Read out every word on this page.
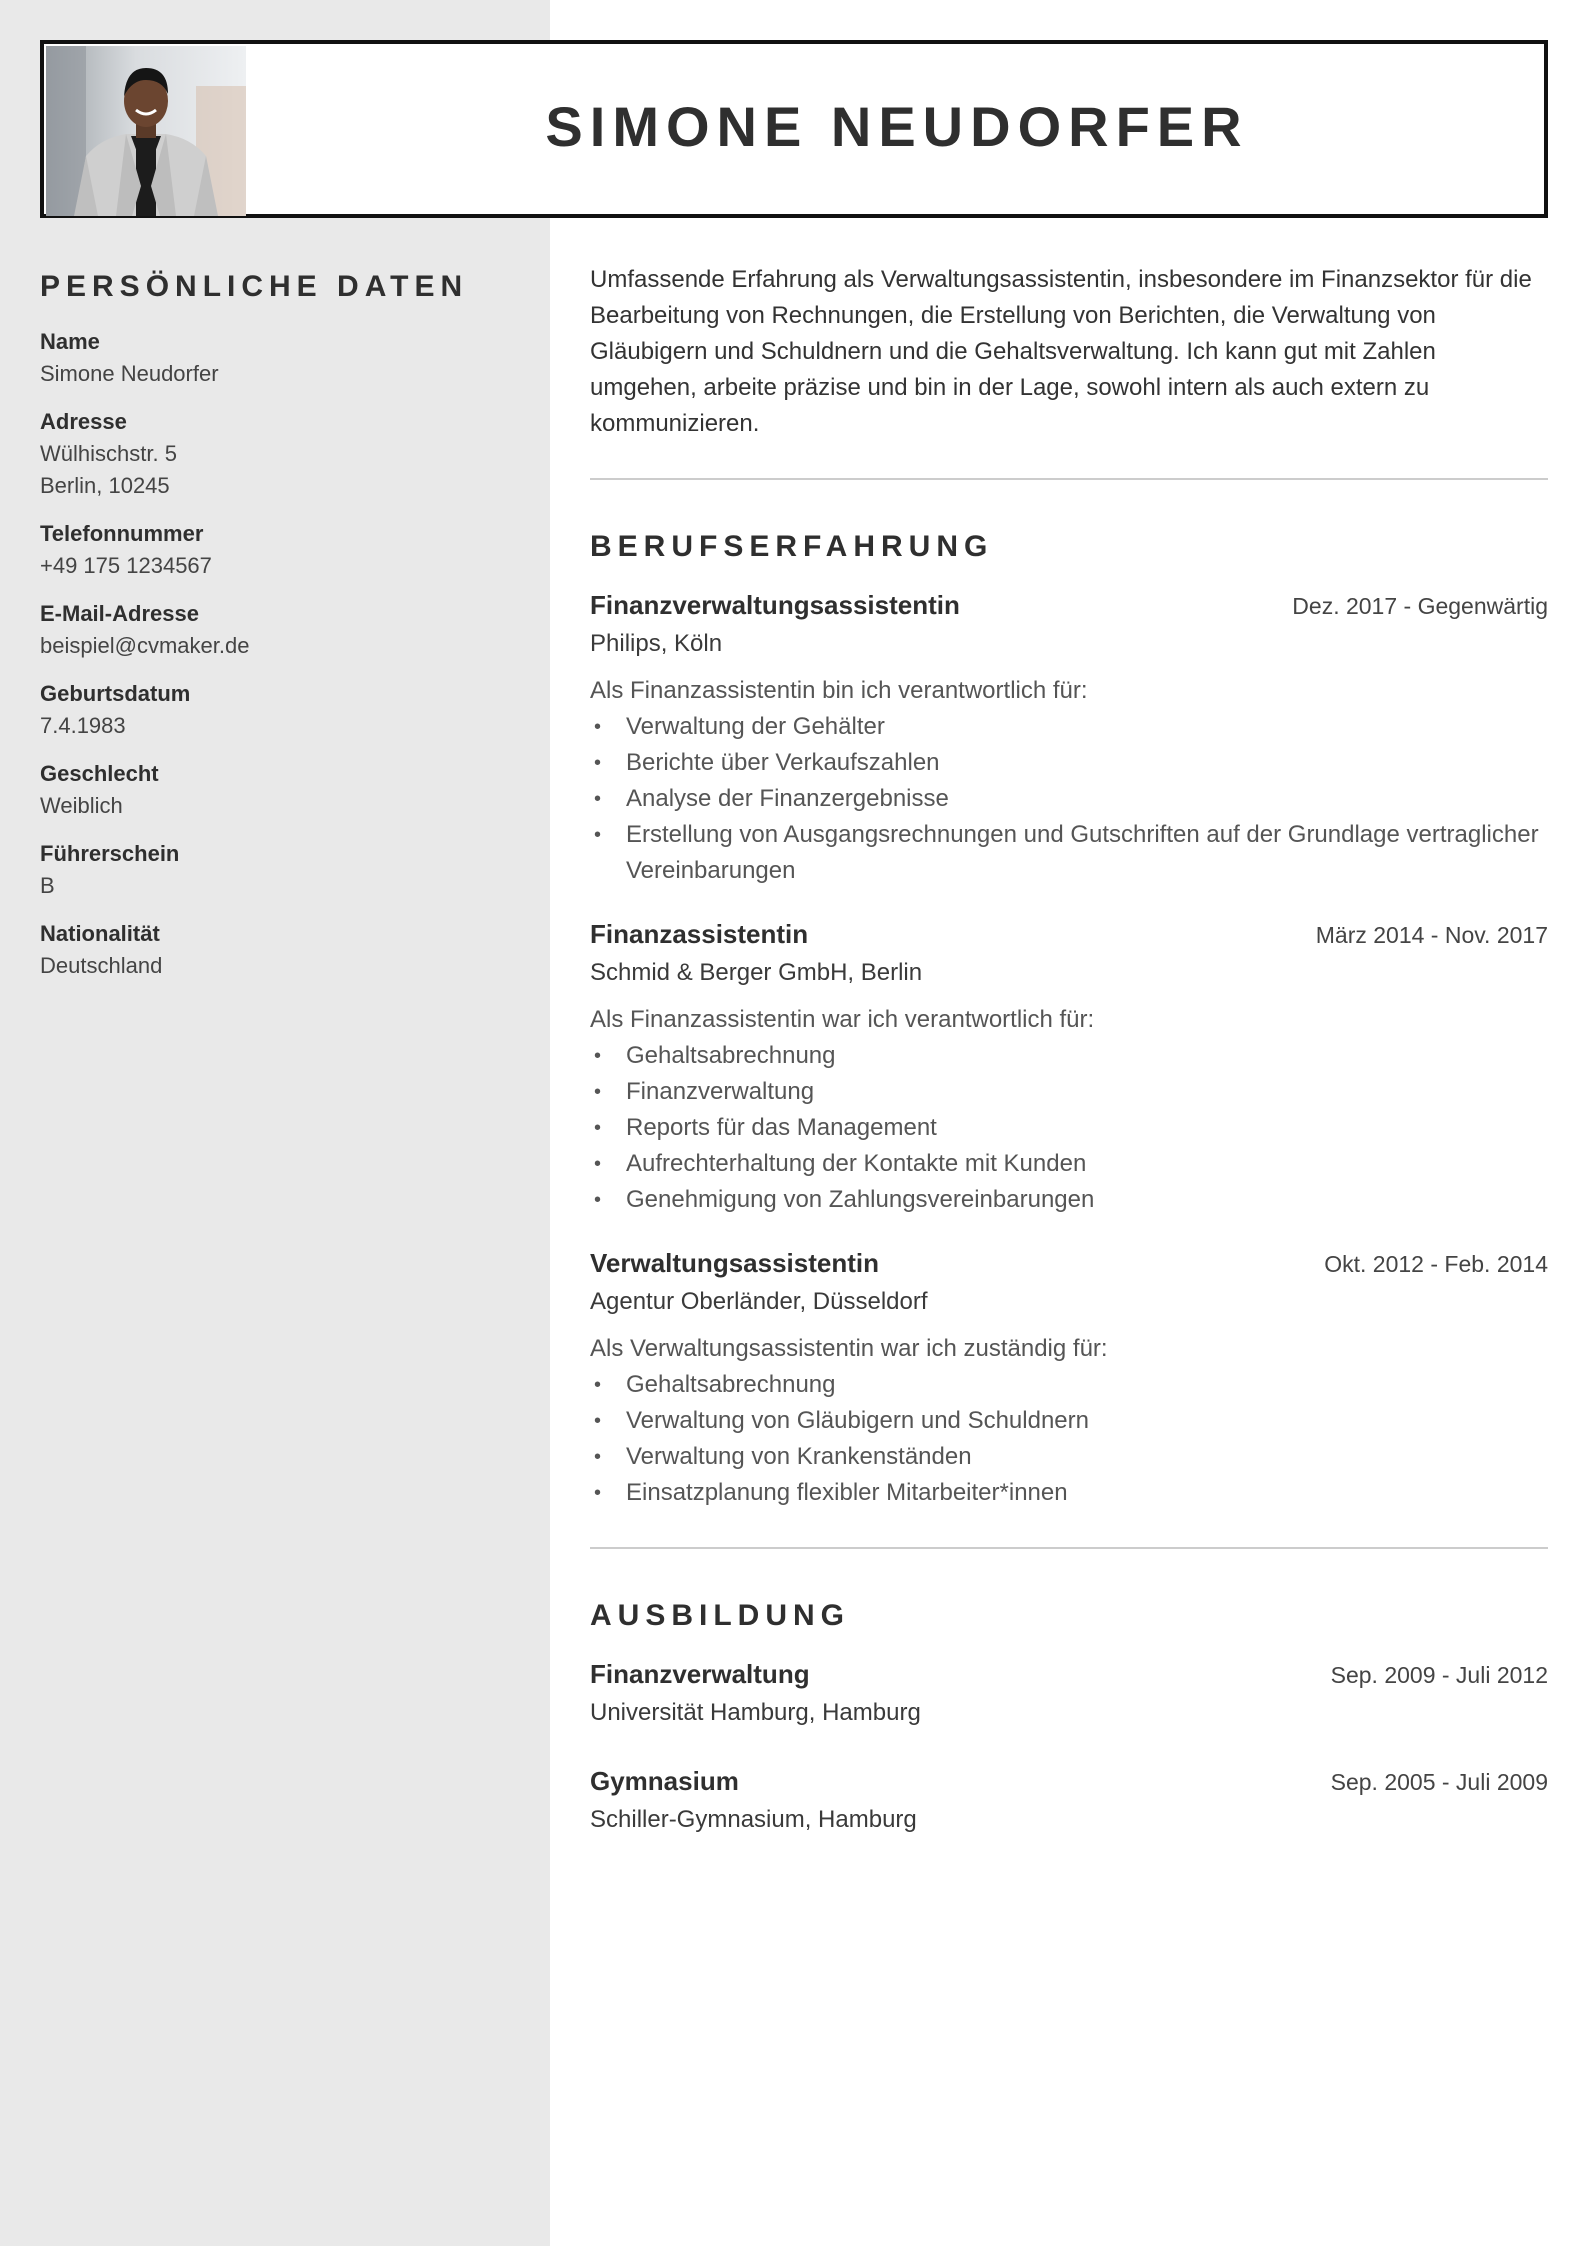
SIMONE NEUDORFER
PERSÖNLICHE DATEN
Name
Simone Neudorfer
Adresse
Wülhischstr. 5
Berlin, 10245
Telefonnummer
+49 175 1234567
E-Mail-Adresse
beispiel@cvmaker.de
Geburtsdatum
7.4.1983
Geschlecht
Weiblich
Führerschein
B
Nationalität
Deutschland
Umfassende Erfahrung als Verwaltungsassistentin, insbesondere im Finanzsektor für die Bearbeitung von Rechnungen, die Erstellung von Berichten, die Verwaltung von Gläubigern und Schuldnern und die Gehaltsverwaltung. Ich kann gut mit Zahlen umgehen, arbeite präzise und bin in der Lage, sowohl intern als auch extern zu kommunizieren.
BERUFSERFAHRUNG
Finanzverwaltungsassistentin	Dez. 2017 - Gegenwärtig
Philips, Köln
Als Finanzassistentin bin ich verantwortlich für:
• Verwaltung der Gehälter
• Berichte über Verkaufszahlen
• Analyse der Finanzergebnisse
• Erstellung von Ausgangsrechnungen und Gutschriften auf der Grundlage vertraglicher Vereinbarungen
Finanzassistentin	März 2014 - Nov. 2017
Schmid & Berger GmbH, Berlin
Als Finanzassistentin war ich verantwortlich für:
• Gehaltsabrechnung
• Finanzverwaltung
• Reports für das Management
• Aufrechterhaltung der Kontakte mit Kunden
• Genehmigung von Zahlungsvereinbarungen
Verwaltungsassistentin	Okt. 2012 - Feb. 2014
Agentur Oberländer, Düsseldorf
Als Verwaltungsassistentin war ich zuständig für:
• Gehaltsabrechnung
• Verwaltung von Gläubigern und Schuldnern
• Verwaltung von Krankenständen
• Einsatzplanung flexibler Mitarbeiter*innen
AUSBILDUNG
Finanzverwaltung	Sep. 2009 - Juli 2012
Universität Hamburg, Hamburg
Gymnasium	Sep. 2005 - Juli 2009
Schiller-Gymnasium, Hamburg
